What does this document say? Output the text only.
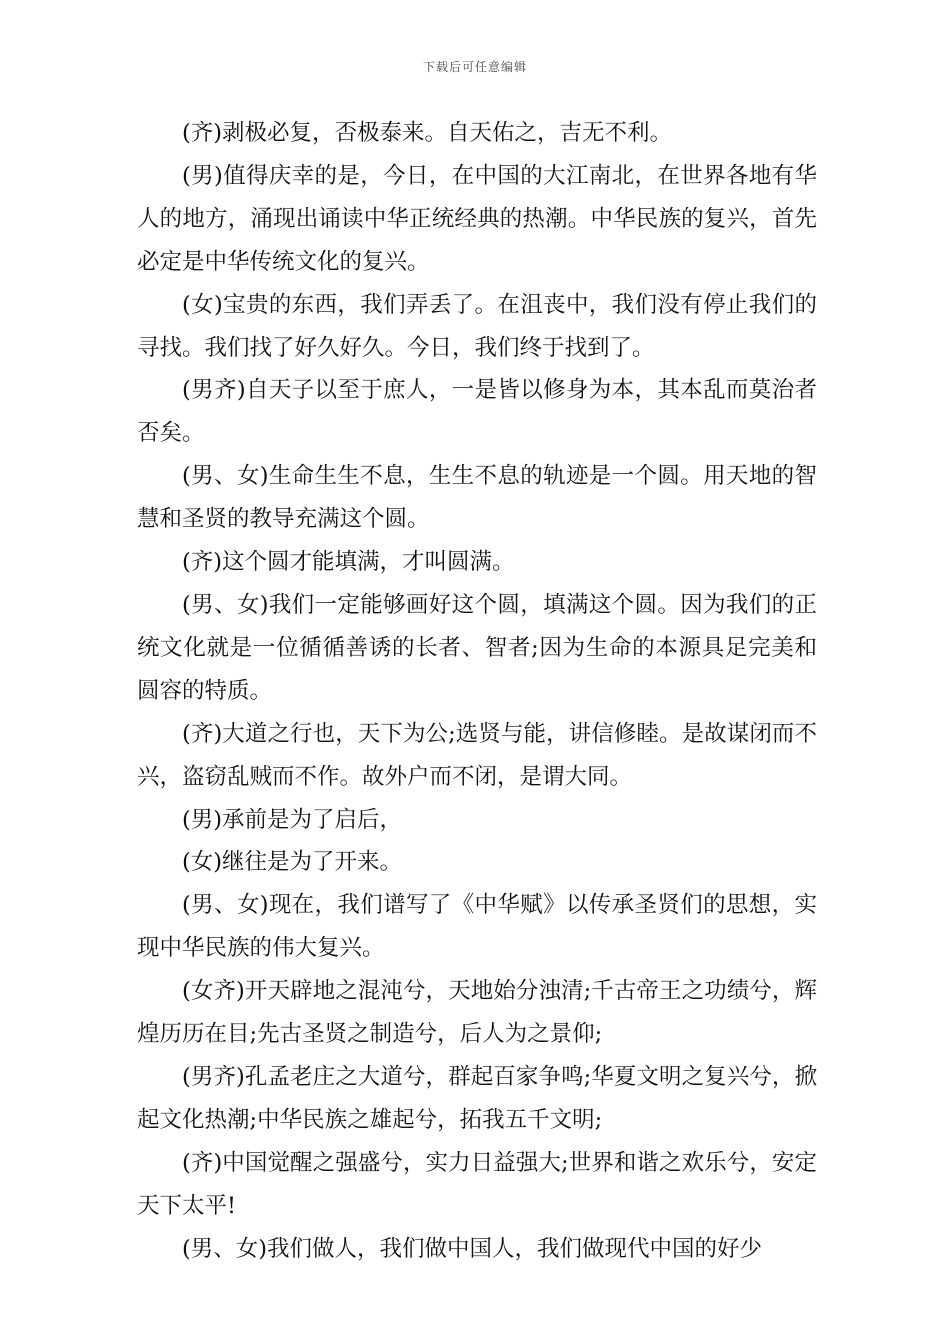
下载后可任意编辑

(齐)剥极必复，否极泰来。自天佑之，吉无不利。

(男)值得庆幸的是，今日，在中国的大江南北，在世界各地有华人的地方，涌现出诵读中华正统经典的热潮。中华民族的复兴，首先必定是中华传统文化的复兴。

(女)宝贵的东西，我们弄丢了。在沮丧中，我们没有停止我们的寻找。我们找了好久好久。今日，我们终于找到了。

(男齐)自天子以至于庶人，一是皆以修身为本，其本乱而莫治者否矣。

(男、女)生命生生不息，生生不息的轨迹是一个圆。用天地的智慧和圣贤的教导充满这个圆。

(齐)这个圆才能填满，才叫圆满。

(男、女)我们一定能够画好这个圆，填满这个圆。因为我们的正统文化就是一位循循善诱的长者、智者;因为生命的本源具足完美和圆容的特质。

(齐)大道之行也，天下为公;选贤与能，讲信修睦。是故谋闭而不兴，盗窃乱贼而不作。故外户而不闭，是谓大同。

(男)承前是为了启后，

(女)继往是为了开来。

(男、女)现在，我们谱写了《中华赋》以传承圣贤们的思想，实现中华民族的伟大复兴。

(女齐)开天辟地之混沌兮，天地始分浊清;千古帝王之功绩兮，辉煌历历在目;先古圣贤之制造兮，后人为之景仰;

(男齐)孔孟老庄之大道兮，群起百家争鸣;华夏文明之复兴兮，掀起文化热潮;中华民族之雄起兮，拓我五千文明;

(齐)中国觉醒之强盛兮，实力日益强大;世界和谐之欢乐兮，安定天下太平!

(男、女)我们做人，我们做中国人，我们做现代中国的好少
